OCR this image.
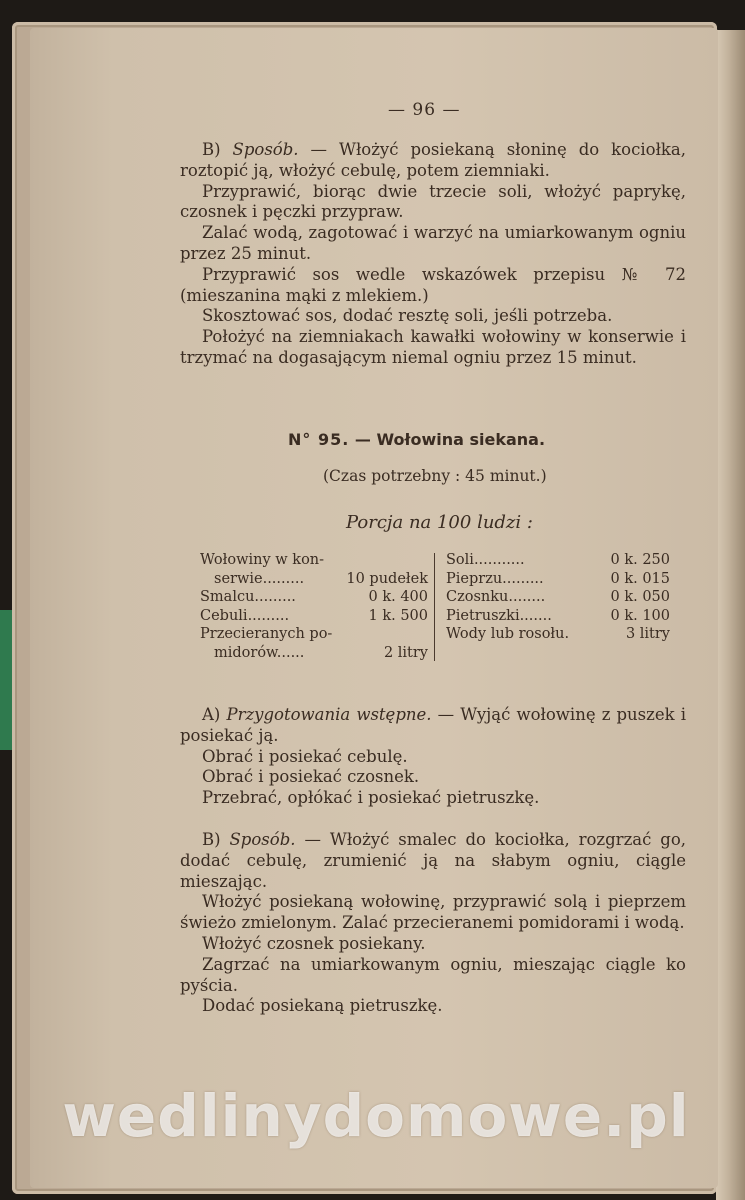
— 96 —

B) Sposób. — Włożyć posiekaną słoninę do kociołka, roztopić ją, włożyć cebulę, potem ziemniaki.

Przyprawić, biorąc dwie trzecie soli, włożyć paprykę, czosnek i pęczki przypraw.

Zalać wodą, zagotować i warzyć na umiarkowanym ogniu przez 25 minut.

Przyprawić sos wedle wskazówek przepisu № 72 (mieszanina mąki z mlekiem.)

Skosztować sos, dodać resztę soli, jeśli potrzeba.

Położyć na ziemniakach kawałki wołowiny w konserwie i trzymać na dogasającym niemal ogniu przez 15 minut.

N° 95. — Wołowina siekana.
(Czas potrzebny : 45 minut.)
Porcja na 100 ludzi :
Wołowiny w kon-
serwie.........	10 pudełek
Smalcu.........	0 k. 400
Cebuli.........	1 k. 500
Przecieranych po-
midorów......	2 litry
Soli...........	0 k. 250
Pieprzu.........	0 k. 015
Czosnku........	0 k. 050
Pietruszki.......	0 k. 100
Wody lub rosołu.	3 litry

A) Przygotowania wstępne. — Wyjąć wołowinę z puszek i posiekać ją.

Obrać i posiekać cebulę.

Obrać i posiekać czosnek.

Przebrać, opłókać i posiekać pietruszkę.

B) Sposób. — Włożyć smalec do kociołka, rozgrzać go, dodać cebulę, zrumienić ją na słabym ogniu, ciągle mieszając.

Włożyć posiekaną wołowinę, przyprawić solą i pieprzem świeżo zmielonym. Zalać przecieranemi pomidorami i wodą.

Włożyć czosnek posiekany.

Zagrzać na umiarkowanym ogniu, mieszając ciągle ko pyścia.

Dodać posiekaną pietruszkę.

wedlinydomowe.pl
